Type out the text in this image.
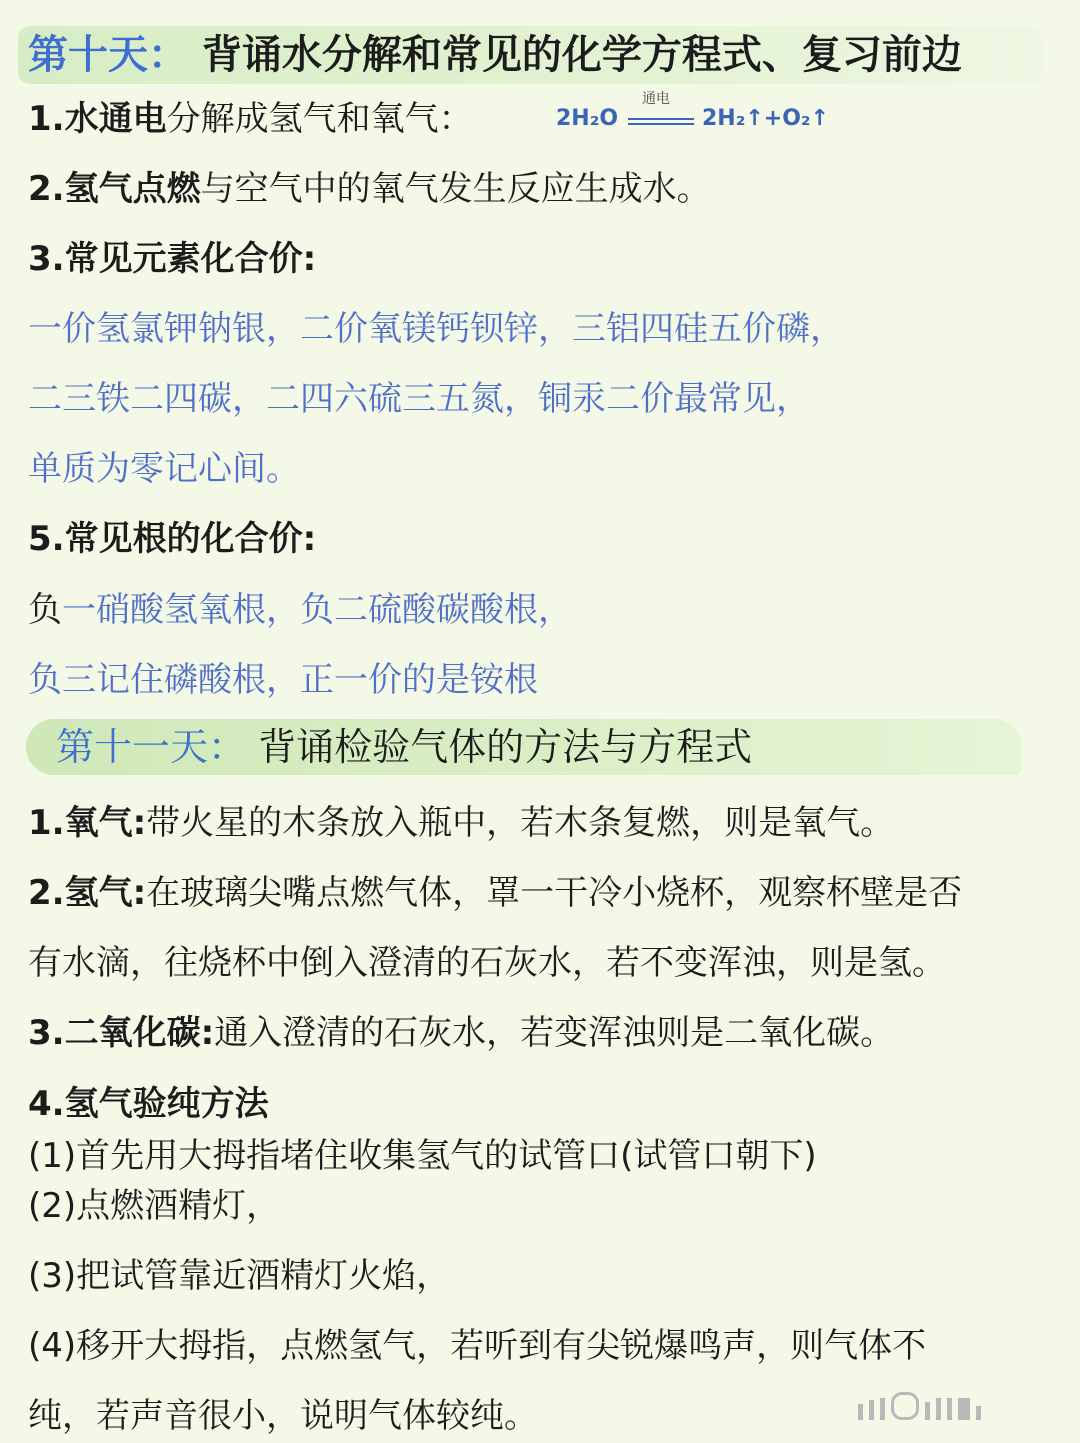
第十天： 背诵水分解和常见的化学方程式、复习前边
1.水通电分解成氢气和氧气：	2H₂O
通电
2H₂↑+O₂↑
2.氢气点燃与空气中的氧气发生反应生成水。
3.常见元素化合价:
一价氢氯钾钠银，二价氧镁钙钡锌，三铝四硅五价磷，
二三铁二四碳，二四六硫三五氮，铜汞二价最常见，
单质为零记心间。
5.常见根的化合价:
负一硝酸氢氧根，负二硫酸碳酸根，
负三记住磷酸根，正一价的是铵根
第十一天： 背诵检验气体的方法与方程式
1.氧气:带火星的木条放入瓶中，若木条复燃，则是氧气。
2.氢气:在玻璃尖嘴点燃气体，罩一干冷小烧杯，观察杯壁是否
有水滴，往烧杯中倒入澄清的石灰水，若不变浑浊，则是氢。
3.二氧化碳:通入澄清的石灰水，若变浑浊则是二氧化碳。
4.氢气验纯方法
(1)首先用大拇指堵住收集氢气的试管口(试管口朝下)
(2)点燃酒精灯，
(3)把试管靠近酒精灯火焰，
(4)移开大拇指，点燃氢气，若听到有尖锐爆鸣声，则气体不
纯，若声音很小，说明气体较纯。
